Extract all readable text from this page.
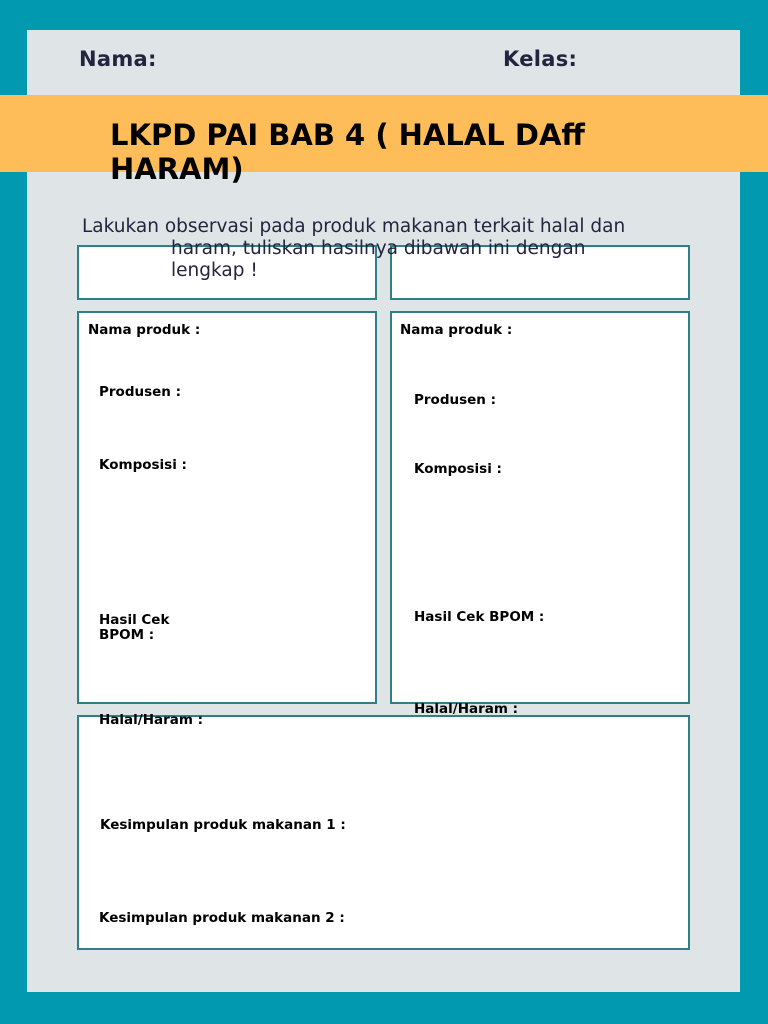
Nama:	Kelas:
LKPD PAI BAB 4 ( HALAL DAff
HARAM)

Lakukan observasi pada produk makanan terkait halal dan
haram, tuliskan hasilnya dibawah ini dengan
lengkap !

Nama produk :
Produsen :
Komposisi :
Hasil Cek
BPOM :
Nama produk :
Produsen :
Komposisi :
Hasil Cek BPOM :
Halal/Haram :
Halal/Haram :
Kesimpulan produk makanan 1 :
Kesimpulan produk makanan 2 :
